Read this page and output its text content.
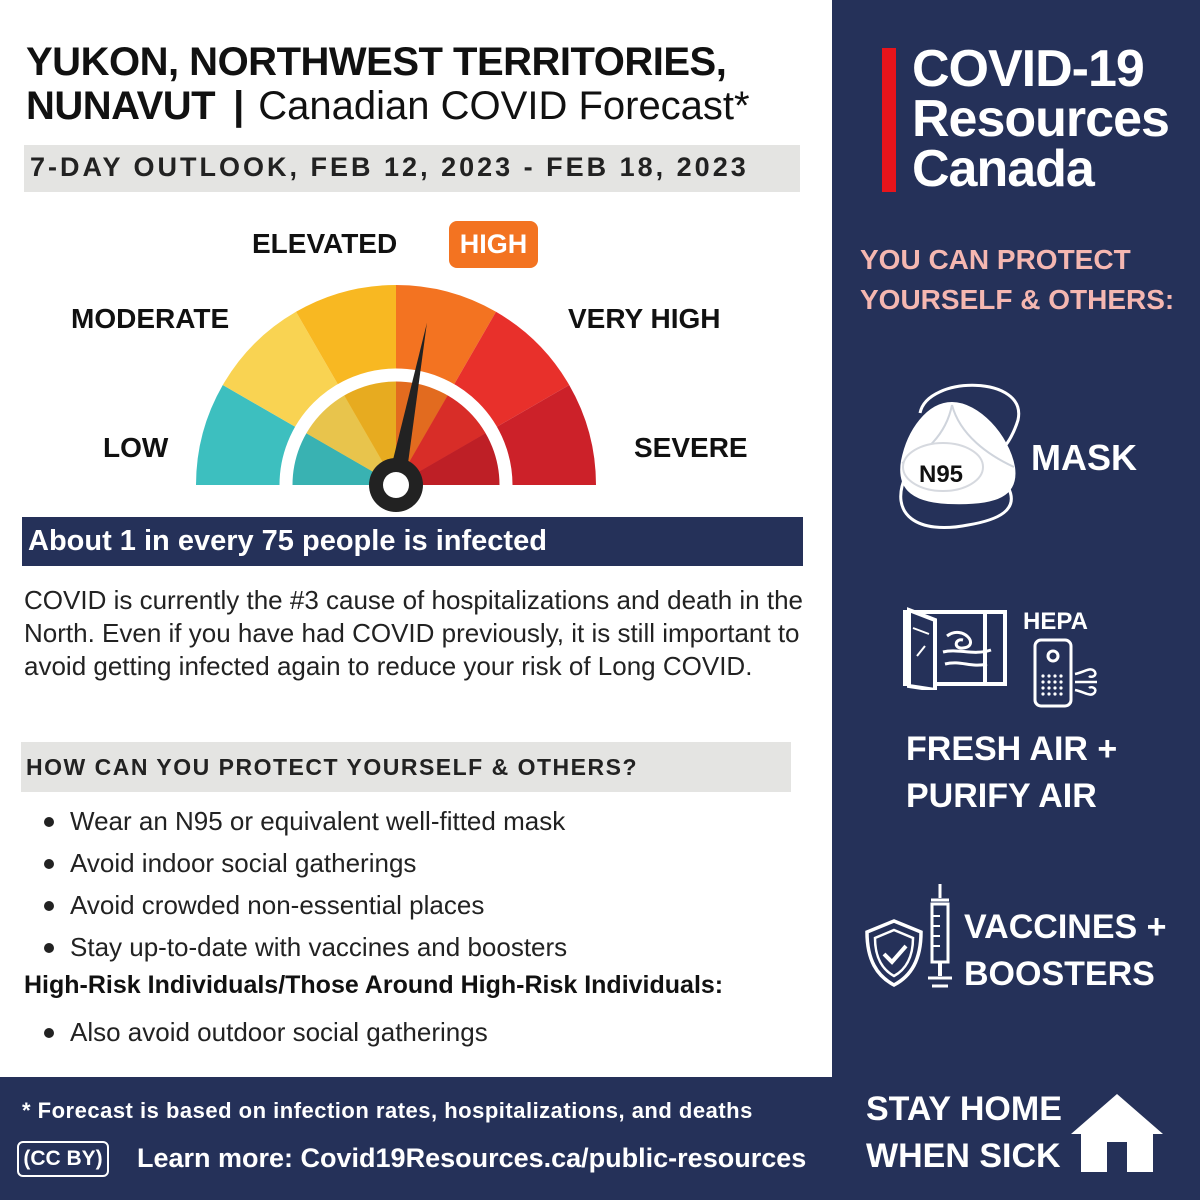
YUKON, NORTHWEST TERRITORIES,
NUNAVUT | Canadian COVID Forecast*
7-DAY OUTLOOK, FEB 12, 2023 - FEB 18, 2023
LOW
MODERATE
ELEVATED	HIGH
VERY HIGH
SEVERE
About 1 in every 75 people is infected
COVID is currently the #3 cause of hospitalizations and death in the North. Even if you have had COVID previously, it is still important to avoid getting infected again to reduce your risk of Long COVID.
HOW CAN YOU PROTECT YOURSELF & OTHERS?
Wear an N95 or equivalent well-fitted mask
Avoid indoor social gatherings
Avoid crowded non-essential places
Stay up-to-date with vaccines and boosters
High-Risk Individuals/Those Around High-Risk Individuals:
Also avoid outdoor social gatherings
* Forecast is based on infection rates, hospitalizations, and deaths
(CC BY) Learn more: Covid19Resources.ca/public-resources
COVID-19
Resources
Canada
YOU CAN PROTECT
YOURSELF & OTHERS:
N95 MASK
HEPA
FRESH AIR +
PURIFY AIR
VACCINES +
BOOSTERS
STAY HOME
WHEN SICK
